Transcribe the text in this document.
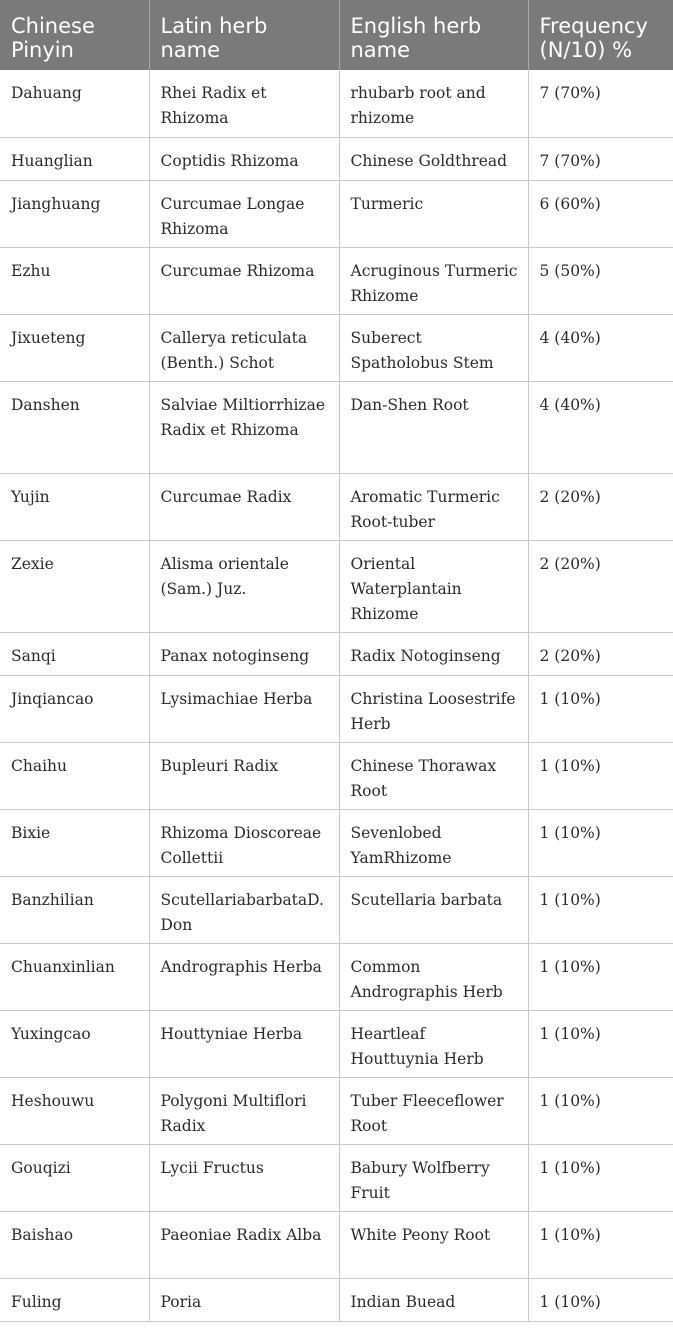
Chinese Pinyin	Latin herb name	English herb name	Frequency (N/10) %
Dahuang	Rhei Radix et Rhizoma	rhubarb root and rhizome	7 (70%)
Huanglian	Coptidis Rhizoma	Chinese Goldthread	7 (70%)
Jianghuang	Curcumae Longae Rhizoma	Turmeric	6 (60%)
Ezhu	Curcumae Rhizoma	Acruginous Turmeric Rhizome	5 (50%)
Jixueteng	Callerya reticulata (Benth.) Schot	Suberect Spatholobus Stem	4 (40%)
Danshen	Salviae Miltiorrhizae Radix et Rhizoma	Dan-Shen Root	4 (40%)
Yujin	Curcumae Radix	Aromatic Turmeric Root-tuber	2 (20%)
Zexie	Alisma orientale (Sam.) Juz.	Oriental Waterplantain Rhizome	2 (20%)
Sanqi	Panax notoginseng	Radix Notoginseng	2 (20%)
Jinqiancao	Lysimachiae Herba	Christina Loosestrife Herb	1 (10%)
Chaihu	Bupleuri Radix	Chinese Thorawax Root	1 (10%)
Bixie	Rhizoma Dioscoreae Collettii	Sevenlobed YamRhizome	1 (10%)
Banzhilian	ScutellariabarbataD. Don	Scutellaria barbata	1 (10%)
Chuanxinlian	Andrographis Herba	Common Andrographis Herb	1 (10%)
Yuxingcao	Houttyniae Herba	Heartleaf Houttuynia Herb	1 (10%)
Heshouwu	Polygoni Multiflori Radix	Tuber Fleeceflower Root	1 (10%)
Gouqizi	Lycii Fructus	Babury Wolfberry Fruit	1 (10%)
Baishao	Paeoniae Radix Alba	White Peony Root	1 (10%)
Fuling	Poria	Indian Buead	1 (10%)
